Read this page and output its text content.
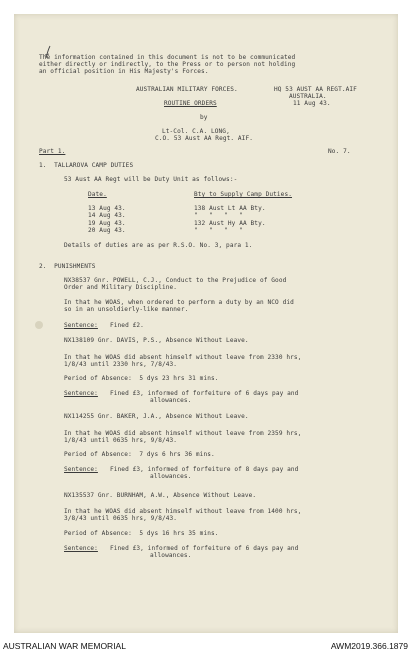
The information contained in this document is not to be communicated
either directly or indirectly, to the Press or to person not holding
an official position in His Majesty's Forces.
AUSTRALIAN MILITARY FORCES.	HQ 53 AUST AA REGT.AIF
AUSTRALIA.
11 Aug 43.
ROUTINE ORDERS
by
Lt-Col. C.A. LONG,
C.O. 53 Aust AA Regt. AIF.
Part 1.	No. 7.
1.  TALLAROVA CAMP DUTIES
53 Aust AA Regt will be Duty Unit as follows:-
Date.	Bty to Supply Camp Duties.
13 Aug 43.	138 Aust Lt AA Bty.
14 Aug 43.	"   "   "   "
19 Aug 43.	132 Aust Hy AA Bty.
20 Aug 43.	"   "   "   "
Details of duties are as per R.S.O. No. 3, para 1.
2.  PUNISHMENTS
NX38537 Gnr. POWELL, C.J., Conduct to the Prejudice of Good
Order and Military Discipline.
In that he WOAS, when ordered to perform a duty by an NCO did
so in an unsoldierly-like manner.
Sentence: Fined £2.
NX138109 Gnr. DAVIS, P.S., Absence Without Leave.
In that he WOAS did absent himself without leave from 2330 hrs,
1/8/43 until 2330 hrs, 7/8/43.
Period of Absence:  5 dys 23 hrs 31 mins.
Sentence: Fined £3, informed of forfeiture of 6 days pay and
allowances.
NX114255 Gnr. BAKER, J.A., Absence Without Leave.
In that he WOAS did absent himself without leave from 2359 hrs,
1/8/43 until 0635 hrs, 9/8/43.
Period of Absence:  7 dys 6 hrs 36 mins.
Sentence: Fined £3, informed of forfeiture of 8 days pay and
allowances.
NX135537 Gnr. BURNHAM, A.W., Absence Without Leave.
In that he WOAS did absent himself without leave from 1400 hrs,
3/8/43 until 0635 hrs, 9/8/43.
Period of Absence:  5 dys 16 hrs 35 mins.
Sentence: Fined £3, informed of forfeiture of 6 days pay and
allowances.
AUSTRALIAN WAR MEMORIAL	AWM2019.366.1879
